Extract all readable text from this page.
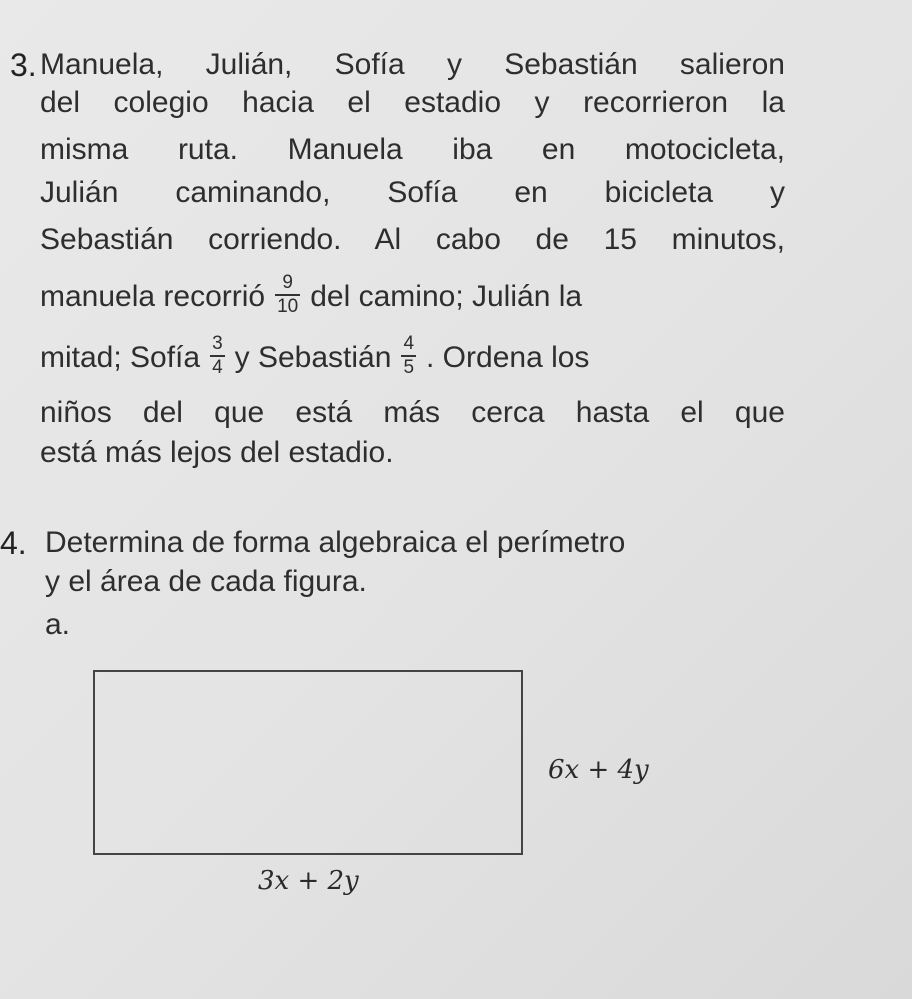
3. Manuela, Julián, Sofía y Sebastián salieron
del colegio hacia el estadio y recorrieron la
misma ruta. Manuela iba en motocicleta,
Julián caminando, Sofía en bicicleta y
Sebastián corriendo. Al cabo de 15 minutos,
manuela recorrió $\frac{9}{10}$ del camino; Julián la
mitad; Sofía $\frac{3}{4}$ y Sebastián $\frac{4}{5}$ . Ordena los
niños del que está más cerca hasta el que
está más lejos del estadio.
4. Determina de forma algebraica el perímetro
y el área de cada figura.
a.
6x + 4y
3x + 2y
